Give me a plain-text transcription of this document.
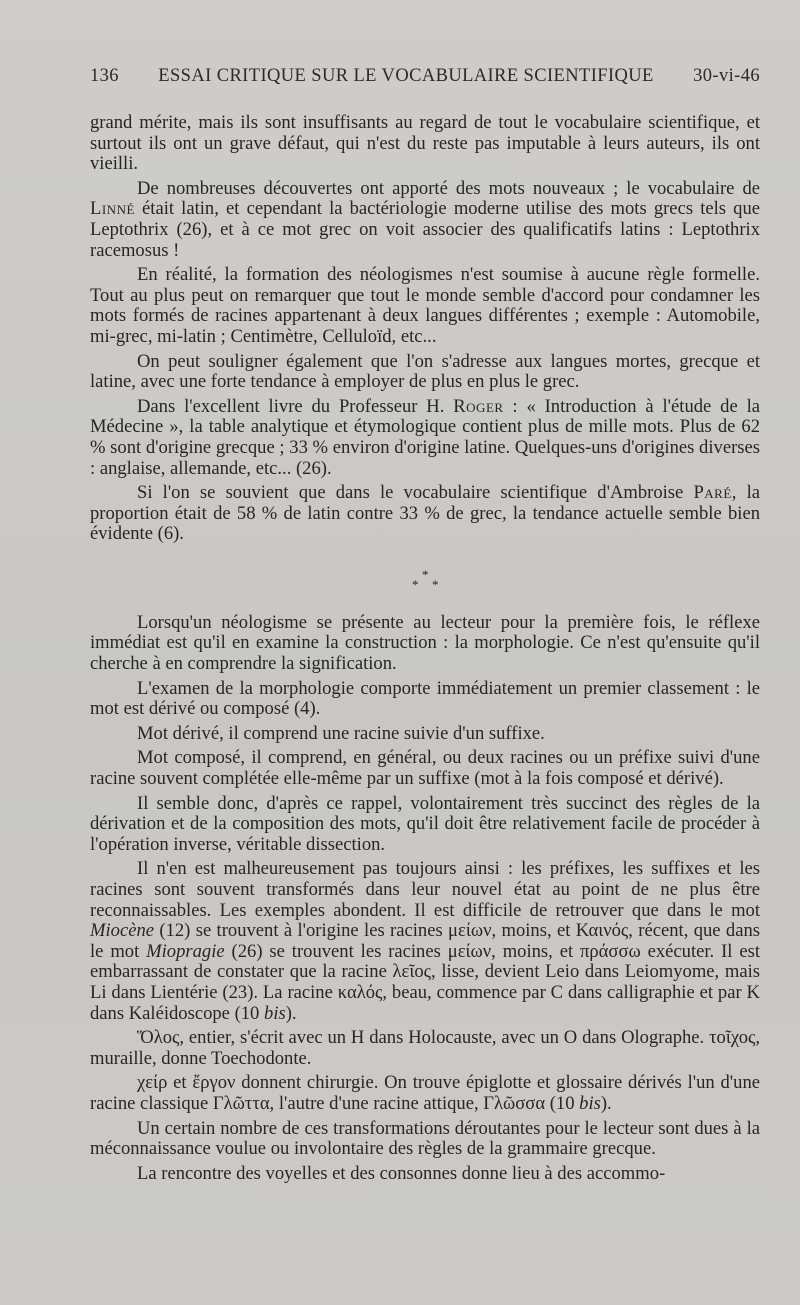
136 ESSAI CRITIQUE SUR LE VOCABULAIRE SCIENTIFIQUE 30-vi-46

grand mérite, mais ils sont insuffisants au regard de tout le vocabulaire scientifique, et surtout ils ont un grave défaut, qui n'est du reste pas imputable à leurs auteurs, ils ont vieilli.

De nombreuses découvertes ont apporté des mots nouveaux ; le vocabulaire de Linné était latin, et cependant la bactériologie moderne utilise des mots grecs tels que Leptothrix (26), et à ce mot grec on voit associer des qualificatifs latins : Leptothrix racemosus !

En réalité, la formation des néologismes n'est soumise à aucune règle formelle. Tout au plus peut on remarquer que tout le monde semble d'accord pour condamner les mots formés de racines appartenant à deux langues différentes ; exemple : Automobile, mi-grec, mi-latin ; Centimètre, Celluloïd, etc...

On peut souligner également que l'on s'adresse aux langues mortes, grecque et latine, avec une forte tendance à employer de plus en plus le grec.

Dans l'excellent livre du Professeur H. Roger : « Introduction à l'étude de la Médecine », la table analytique et étymologique contient plus de mille mots. Plus de 62 % sont d'origine grecque ; 33 % environ d'origine latine. Quelques-uns d'origines diverses : anglaise, allemande, etc... (26).

Si l'on se souvient que dans le vocabulaire scientifique d'Ambroise Paré, la proportion était de 58 % de latin contre 33 % de grec, la tendance actuelle semble bien évidente (6).

*
* *

Lorsqu'un néologisme se présente au lecteur pour la première fois, le réflexe immédiat est qu'il en examine la construction : la morphologie. Ce n'est qu'ensuite qu'il cherche à en comprendre la signification.

L'examen de la morphologie comporte immédiatement un premier classement : le mot est dérivé ou composé (4).

Mot dérivé, il comprend une racine suivie d'un suffixe.

Mot composé, il comprend, en général, ou deux racines ou un préfixe suivi d'une racine souvent complétée elle-même par un suffixe (mot à la fois composé et dérivé).

Il semble donc, d'après ce rappel, volontairement très succinct des règles de la dérivation et de la composition des mots, qu'il doit être relativement facile de procéder à l'opération inverse, véritable dissection.

Il n'en est malheureusement pas toujours ainsi : les préfixes, les suffixes et les racines sont souvent transformés dans leur nouvel état au point de ne plus être reconnaissables. Les exemples abondent. Il est difficile de retrouver que dans le mot Miocène (12) se trouvent à l'origine les racines μείων, moins, et Καινός, récent, que dans le mot Miopragie (26) se trouvent les racines μείων, moins, et πράσσω exécuter. Il est embarrassant de constater que la racine λεῖος, lisse, devient Leio dans Leiomyome, mais Li dans Lientérie (23). La racine καλός, beau, commence par C dans calligraphie et par K dans Kaléidoscope (10 bis).

Ὅλος, entier, s'écrit avec un H dans Holocauste, avec un O dans Olographe. τοῖχος, muraille, donne Toechodonte.

χείρ et ἔργον donnent chirurgie. On trouve épiglotte et glossaire dérivés l'un d'une racine classique Γλῶττα, l'autre d'une racine attique, Γλῶσσα (10 bis).

Un certain nombre de ces transformations déroutantes pour le lecteur sont dues à la méconnaissance voulue ou involontaire des règles de la grammaire grecque.

La rencontre des voyelles et des consonnes donne lieu à des accommo-
